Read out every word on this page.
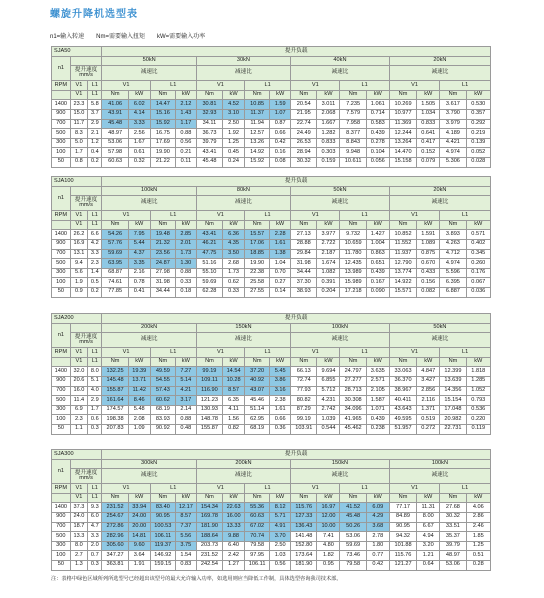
螺旋升降机选型表
n1=输入转速　　Nm=需要输入扭矩　　kW=需要输入功率
SJA50			提升负载															
n1			50kN				30kN				40kN				20kN			

	提升速度
mm/s		减速比				减速比				减速比				减速比			
RPM	V1	L1	V1		L1		V1		L1		V1		L1		V1		L1	
	V1	L1	Nm	kW	Nm	kW	Nm	kW	Nm	kW	Nm	kW	Nm	kW	Nm	kW	Nm	kW
1400	23.3	5.8	41.06	6.02	14.47	2.12	30.81	4.52	10.85	1.59	20.54	3.011	7.235	1.061	10.269	1.505	3.617	0.530
900	15.0	3.7	43.91	4.14	15.16	1.43	32.93	3.10	11.37	1.07	21.95	2.068	7.579	0.714	10.977	1.034	3.790	0.357
700	11.7	2.9	45.48	3.33	15.92	1.17	34.11	2.50	11.94	0.87	22.74	1.667	7.958	0.583	11.369	0.833	3.979	0.292
500	8.3	2.1	48.97	2.56	16.75	0.88	36.73	1.92	12.57	0.66	24.49	1.282	8.377	0.439	12.244	0.641	4.189	0.219
300	5.0	1.2	53.06	1.67	17.69	0.56	39.79	1.25	13.26	0.42	26.53	0.833	8.843	0.278	13.264	0.417	4.421	0.139
100	1.7	0.4	57.98	0.61	19.90	0.21	43.41	0.45	14.92	0.16	28.94	0.303	9.948	0.104	14.470	0.152	4.974	0.052
50	0.8	0.2	60.63	0.32	21.22	0.11	45.48	0.24	15.92	0.08	30.32	0.159	10.611	0.056	15.158	0.079	5.306	0.028
SJA100			提升负载															
n1			100kN				80kN				50kN				20kN			

	提升速度
mm/s		减速比				减速比				减速比				减速比			
RPM	V1	L1	V1		L1		V1		L1		V1		L1		V1		L1	
	V1	L1	Nm	kW	Nm	kW	Nm	kW	Nm	kW	Nm	kW	Nm	kW	Nm	kW	Nm	kW
1400	26.2	6.6	54.26	7.95	19.48	2.85	43.41	6.36	15.57	2.28	27.13	3.977	9.732	1.427	10.852	1.591	3.893	0.571
900	16.9	4.2	57.76	5.44	21.32	2.01	46.21	4.35	17.06	1.61	28.88	2.722	10.659	1.004	11.552	1.089	4.263	0.402
700	13.1	3.3	59.69	4.37	23.56	1.73	47.75	3.50	18.85	1.38	29.84	2.187	11.780	0.863	11.937	0.875	4.712	0.345
500	9.4	2.3	63.95	3.35	24.87	1.30	51.16	2.68	19.90	1.04	31.98	1.674	12.435	0.651	12.790	0.670	4.974	0.260
300	5.6	1.4	68.87	2.16	27.98	0.88	55.10	1.73	22.38	0.70	34.44	1.082	13.989	0.439	13.774	0.433	5.596	0.176
100	1.9	0.5	74.61	0.78	31.98	0.33	59.69	0.62	25.58	0.27	37.30	0.391	15.989	0.167	14.922	0.156	6.395	0.067
50	0.9	0.2	77.85	0.41	34.44	0.18	62.28	0.33	27.55	0.14	38.93	0.204	17.218	0.090	15.571	0.082	6.887	0.036
SJA200			提升负载															
n1			200kN				150kN				100kN				50kN			

	提升速度
mm/s		减速比				减速比				减速比				减速比			
RPM	V1	L1	V1		L1		V1		L1		V1		L1		V1		L1	
	V1	L1	Nm	kW	Nm	kW	Nm	kW	Nm	kW	Nm	kW	Nm	kW	Nm	kW	Nm	kW
1400	32.0	8.0	132.25	19.39	49.59	7.27	99.19	14.54	37.20	5.45	66.13	9.694	24.797	3.635	33.063	4.847	12.399	1.818
900	20.6	5.1	145.48	13.71	54.55	5.14	109.11	10.28	40.92	3.86	72.74	6.855	27.277	2.571	36.370	3.427	13.639	1.285
700	16.0	4.0	155.87	11.42	57.43	4.21	116.90	8.57	43.07	3.16	77.93	5.712	28.713	2.105	38.967	2.856	14.356	1.052
500	11.4	2.9	161.64	8.46	60.62	3.17	121.23	6.35	45.46	2.38	80.82	4.231	30.308	1.587	40.411	2.116	15.154	0.793
300	6.9	1.7	174.57	5.48	68.19	2.14	130.93	4.11	51.14	1.61	87.29	2.742	34.096	1.071	43.643	1.371	17.048	0.536
100	2.3	0.6	198.38	2.08	83.93	0.88	148.78	1.56	62.95	0.66	99.19	1.039	41.965	0.439	49.595	0.519	20.982	0.220
50	1.1	0.3	207.83	1.09	90.92	0.48	155.87	0.82	68.19	0.36	103.91	0.544	45.462	0.238	51.957	0.272	22.731	0.119
SJA300			提升负载															
n1			300kN				200kN				150kN				100kN			

	提升速度
mm/s		减速比				减速比				减速比				减速比			
RPM	V1	L1	V1		L1		V1		L1		V1		L1		V1		L1	
	V1	L1	Nm	kW	Nm	kW	Nm	kW	Nm	kW	Nm	kW	Nm	kW	Nm	kW	Nm	kW
1400	37.3	9.3	231.52	33.94	83.40	12.17	154.34	22.63	55.36	8.12	115.76	16.97	41.52	6.09	77.17	11.31	27.68	4.06
900	24.0	6.0	254.67	24.00	90.95	8.57	169.78	16.00	60.63	5.71	127.33	12.00	45.48	4.29	84.89	8.00	30.32	2.86
700	18.7	4.7	272.86	20.00	100.53	7.37	181.90	13.33	67.02	4.91	136.43	10.00	50.26	3.68	90.95	6.67	33.51	2.46
500	13.3	3.3	282.96	14.81	106.11	5.56	188.64	9.88	70.74	3.70	141.48	7.41	53.06	2.78	94.32	4.94	35.37	1.85
300	8.0	2.0	305.60	9.60	119.37	3.75	203.73	6.40	79.58	2.50	152.80	4.80	59.69	1.80	101.88	3.20	39.79	1.25
100	2.7	0.7	347.27	3.64	146.92	1.54	231.52	2.42	97.95	1.03	173.64	1.82	73.46	0.77	115.76	1.21	48.97	0.51
50	1.3	0.3	363.81	1.91	159.15	0.83	242.54	1.27	106.11	0.56	181.90	0.95	79.58	0.42	121.27	0.64	53.06	0.28
注：表格中绿色区域所列所选型号已经超出该型号的最大允许输入功率，如选用则应当降低工作制，具体选型咨询我司技术部。
